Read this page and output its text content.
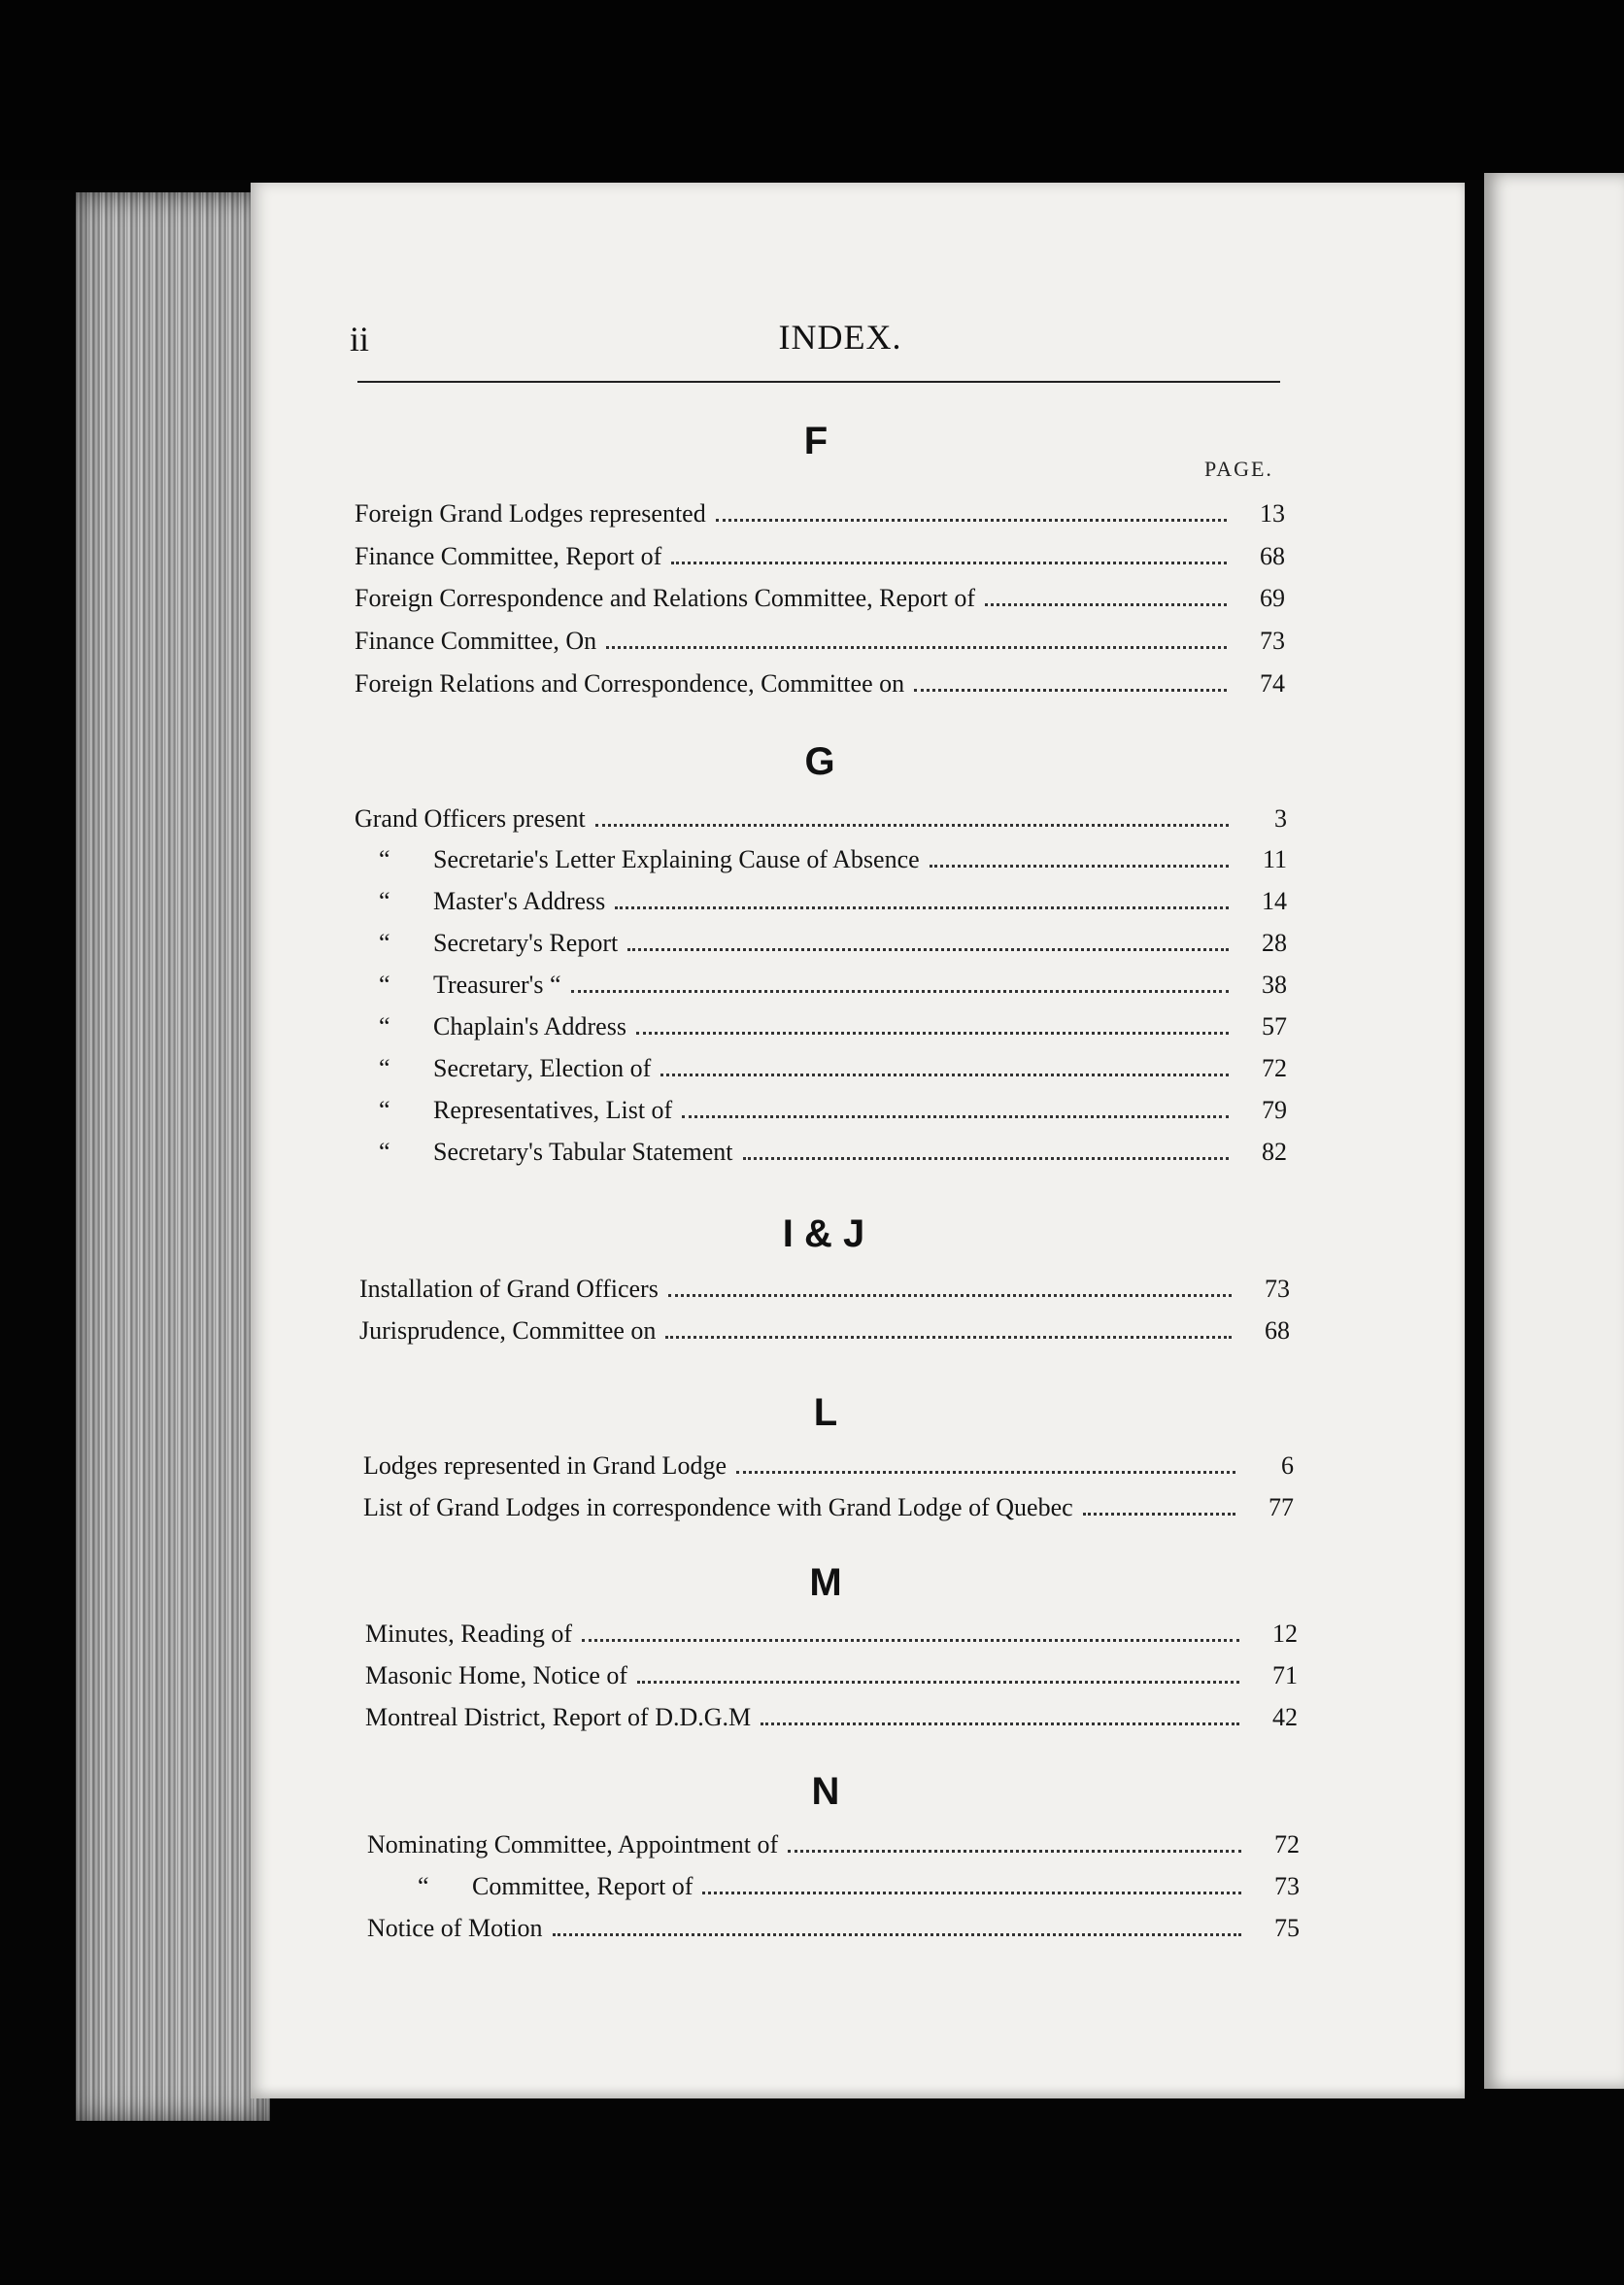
ii	INDEX.
PAGE.
F
Foreign Grand Lodges represented	13
Finance Committee, Report of	68
Foreign Correspondence and Relations Committee, Report of	69
Finance Committee, On	73
Foreign Relations and Correspondence, Committee on	74
G
Grand Officers present	3
“	Secretarie's Letter Explaining Cause of Absence	11
“	Master's Address	14
“	Secretary's Report	28
“	Treasurer's “	38
“	Chaplain's Address	57
“	Secretary, Election of	72
“	Representatives, List of	79
“	Secretary's Tabular Statement	82
I & J
Installation of Grand Officers	73
Jurisprudence, Committee on	68
L
Lodges represented in Grand Lodge	6
List of Grand Lodges in correspondence with Grand Lodge of Quebec	77
M
Minutes, Reading of	12
Masonic Home, Notice of	71
Montreal District, Report of D.D.G.M	42
N
Nominating Committee, Appointment of	72
“	Committee, Report of	73
Notice of Motion	75
